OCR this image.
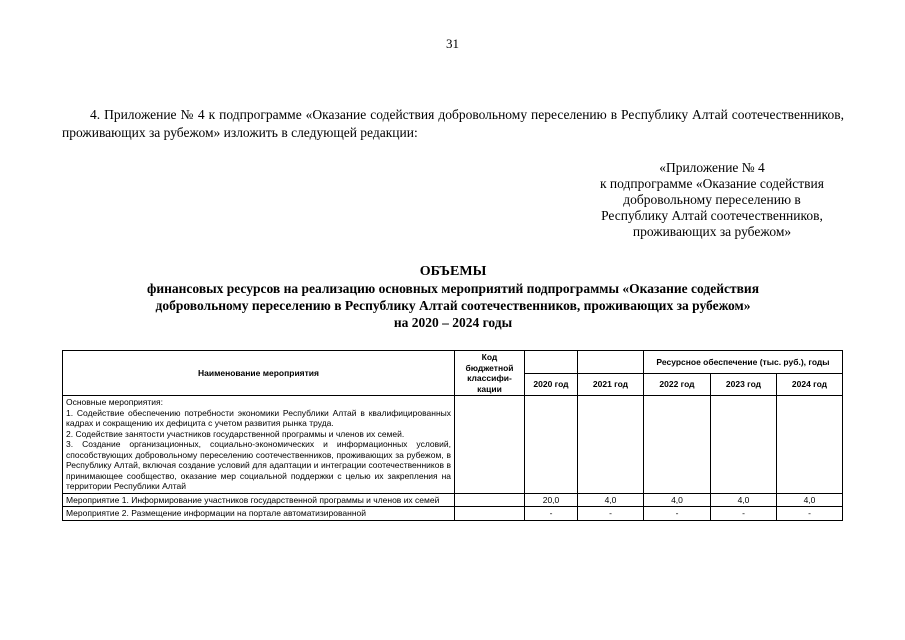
31
4. Приложение № 4 к подпрограмме «Оказание содействия добровольному переселению в Республику Алтай соотечественников, проживающих за рубежом» изложить в следующей редакции:
«Приложение № 4
к подпрограмме «Оказание содействия
добровольному переселению в
Республику Алтай соотечественников,
проживающих за рубежом»
ОБЪЕМЫ
финансовых ресурсов на реализацию основных мероприятий подпрограммы «Оказание содействия
добровольному переселению в Республику Алтай соотечественников, проживающих за рубежом»
на 2020 – 2024 годы
Наименование мероприятия	Код бюджетной классифи-кации			Ресурсное обеспечение (тыс. руб.), годы		
		2020 год	2021 год	2022 год	2023 год	2024 год

Основные мероприятия:
1. Содействие обеспечению потребности экономики Республики Алтай в квалифицированных кадрах и сокращению их дефицита с учетом развития рынка труда.
2. Содействие занятости участников государственной программы и членов их семей.
3. Создание организационных, социально-экономических и информационных условий, способствующих добровольному переселению соотечественников, проживающих за рубежом, в Республику Алтай, включая создание условий для адаптации и интеграции соотечественников в принимающее сообщество, оказание мер социальной поддержки с целью их закрепления на территории Республики Алтай						

Мероприятие 1. Информирование участников государственной программы и членов их семей		20,0	4,0	4,0	4,0	4,0
Мероприятие 2. Размещение информации на портале автоматизированной		-	-	-	-	-
